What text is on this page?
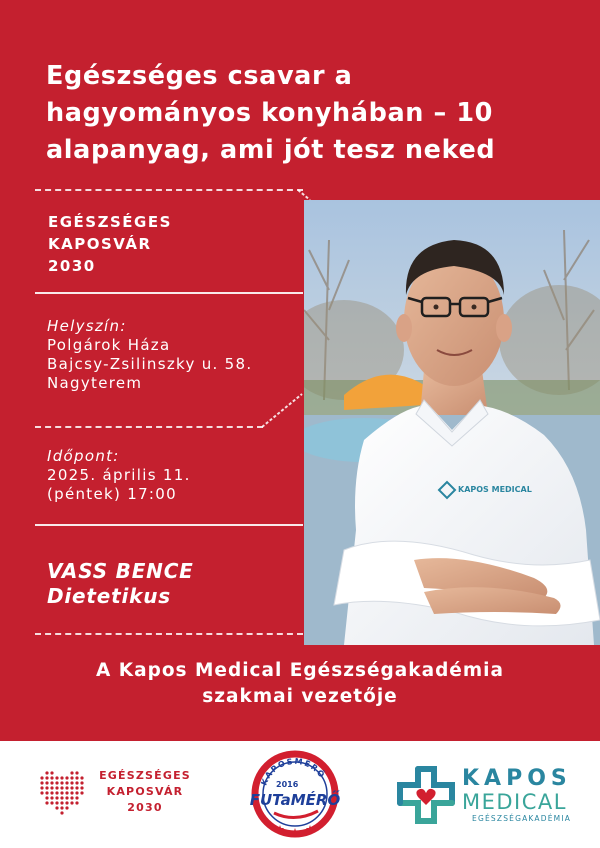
Egészséges csavar a
hagyományos konyhában – 10
alapanyag, ami jót tesz neked
EGÉSZSÉGES
KAPOSVÁR
2030
Helyszín:
Polgárok Háza
Bajcsy-Zsilinszky u. 58.
Nagyterem
Időpont:
2025. április 11.
(péntek) 17:00
VASS BENCE
Dietetikus
KAPOS MEDICAL
A Kapos Medical Egészségakadémia
szakmai vezetője
EGÉSZSÉGES
KAPOSVÁR
2030
KAPOSMÉRŐ
2016
FUTaMÉRŐ
KAPOS
MEDICAL
EGÉSZSÉGAKADÉMIA
